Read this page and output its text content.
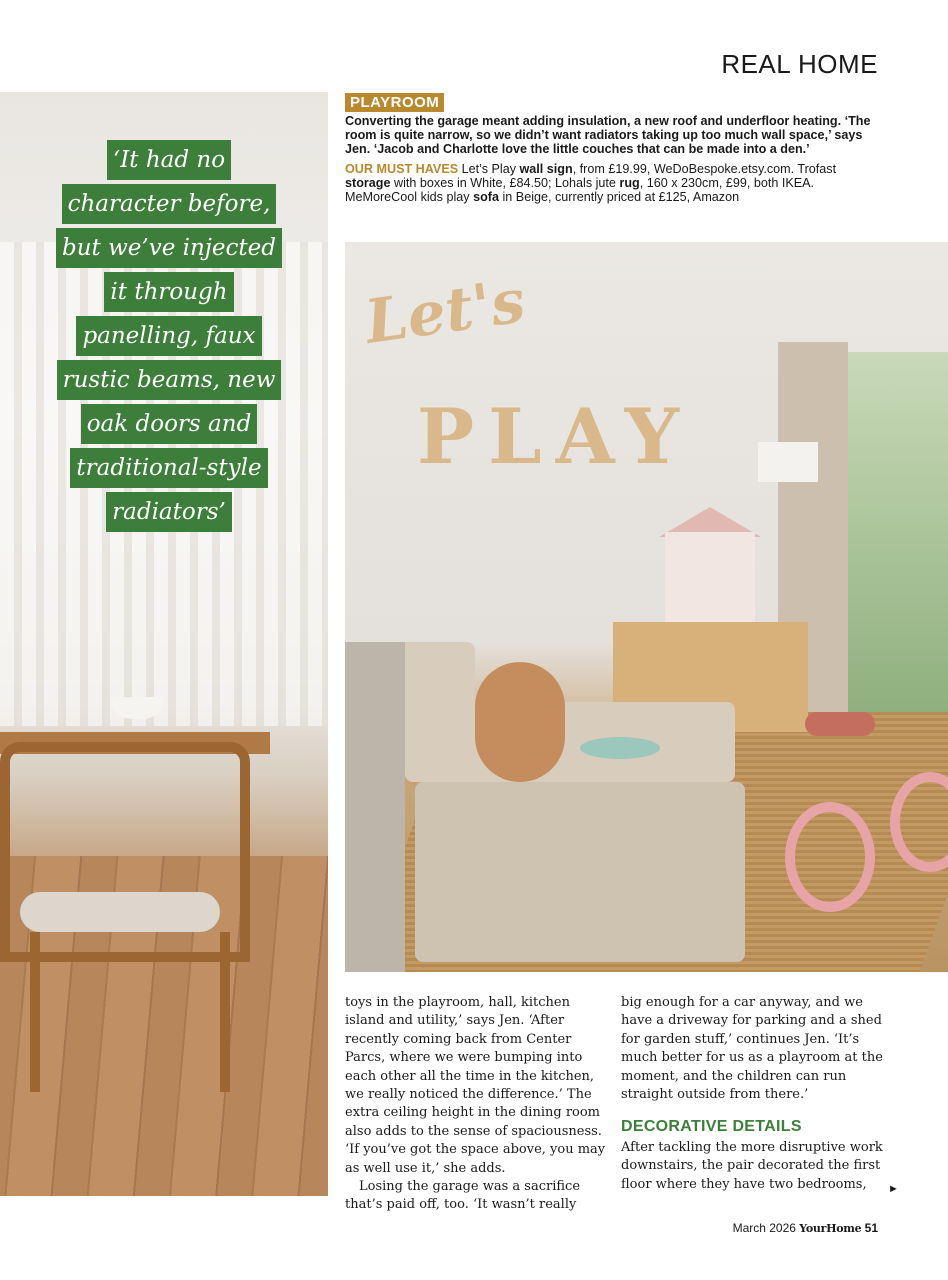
REAL HOME
‘It had no
character before,
but we’ve injected
it through
panelling, faux
rustic beams, new
oak doors and
traditional-style
radiators’
PLAYROOM

Converting the garage meant adding insulation, a new roof and underfloor heating. ‘The room is quite narrow, so we didn’t want radiators taking up too much wall space,’ says Jen. ‘Jacob and Charlotte love the little couches that can be made into a den.’

OUR MUST HAVES Let’s Play wall sign, from £19.99, WeDoBespoke.etsy.com. Trofast storage with boxes in White, £84.50; Lohals jute rug, 160 x 230cm, £99, both IKEA. MeMoreCool kids play sofa in Beige, currently priced at £125, Amazon
Let's
PLAY

toys in the playroom, hall, kitchen island and utility,’ says Jen. ‘After recently coming back from Center Parcs, where we were bumping into each other all the time in the kitchen, we really noticed the difference.’ The extra ceiling height in the dining room also adds to the sense of spaciousness. ‘If you’ve got the space above, you may as well use it,’ she adds.

Losing the garage was a sacrifice that’s paid off, too. ‘It wasn’t really

big enough for a car anyway, and we have a driveway for parking and a shed for garden stuff,’ continues Jen. ‘It’s much better for us as a playroom at the moment, and the children can run straight outside from there.’

DECORATIVE DETAILS

After tackling the more disruptive work downstairs, the pair decorated the first floor where they have two bedrooms,	►
March 2026 YourHome 51
